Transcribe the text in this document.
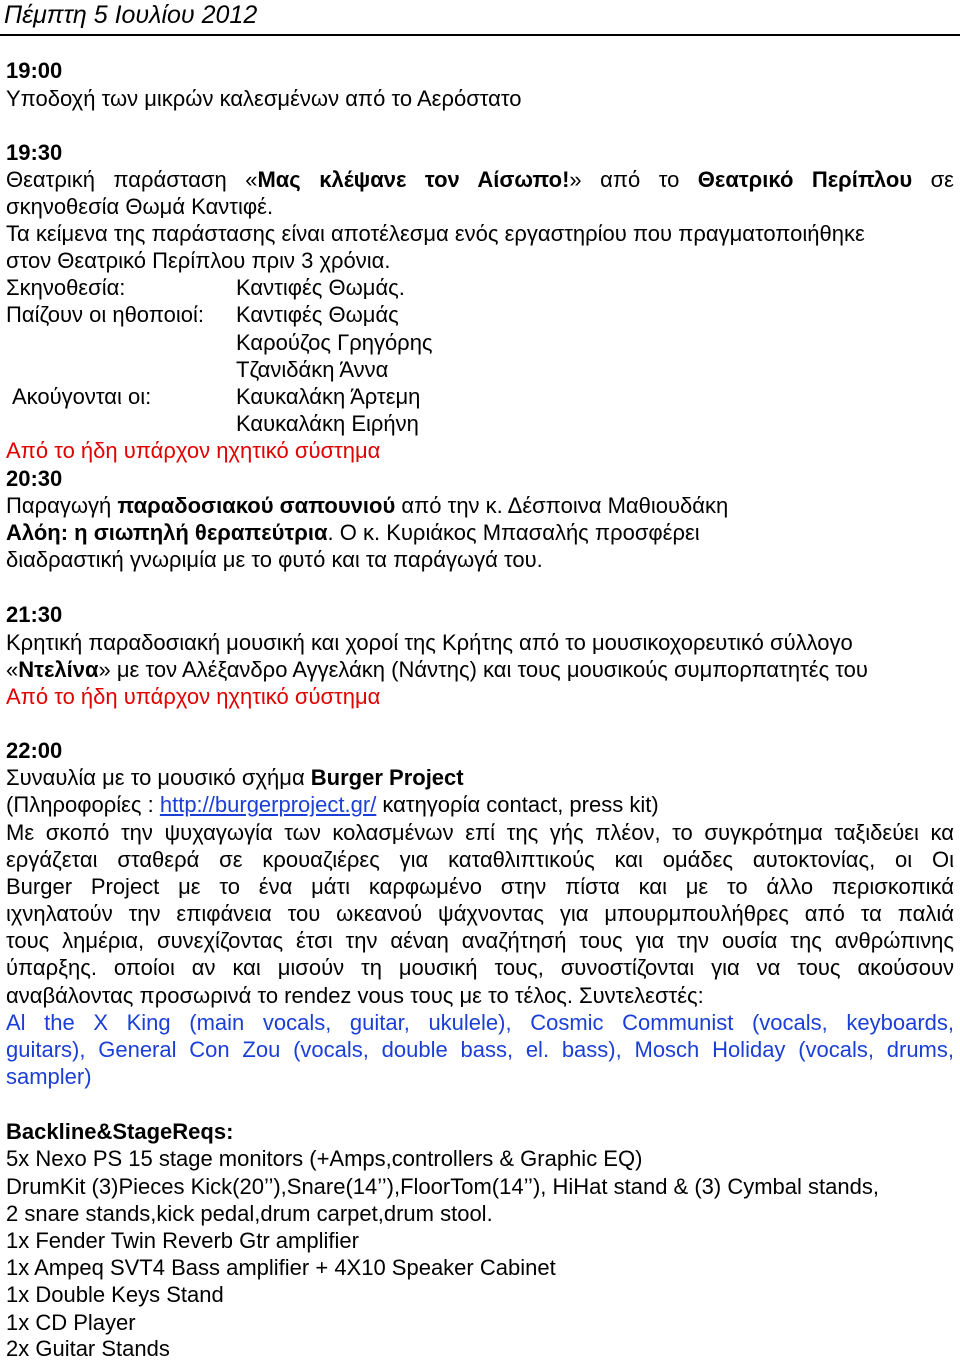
Πέμπτη 5 Ιουλίου 2012
19:00
Υποδοχή των μικρών καλεσμένων από το Αερόστατο
19:30
Θεατρική παράσταση «Μας κλέψανε τον Αίσωπο!» από το Θεατρικό Περίπλου σε
σκηνοθεσία Θωμά Καντιφέ.
Τα κείμενα της παράστασης είναι αποτέλεσμα ενός εργαστηρίου που πραγματοποιήθηκε
στον Θεατρικό Περίπλου πριν 3 χρόνια.
Σκηνοθεσία:	Καντιφές Θωμάς.
Παίζουν οι ηθοποιοί: Καντιφές Θωμάς
Καρούζος Γρηγόρης
Τζανιδάκη Άννα
Ακούγονται οι:	Καυκαλάκη Άρτεμη
Καυκαλάκη Ειρήνη
Από το ήδη υπάρχον ηχητικό σύστημα
20:30
Παραγωγή παραδοσιακού σαπουνιού από την κ. Δέσποινα Μαθιουδάκη
Αλόη: η σιωπηλή θεραπεύτρια. Ο κ. Κυριάκος Μπασαλής προσφέρει
διαδραστική γνωριμία με το φυτό και τα παράγωγά του.
21:30
Κρητική παραδοσιακή μουσική και χοροί της Κρήτης από το μουσικοχορευτικό σύλλογο
«Ντελίνα» με τον Αλέξανδρο Αγγελάκη (Νάντης) και τους μουσικούς συμπορπατητές του
Από το ήδη υπάρχον ηχητικό σύστημα
22:00
Συναυλία με το μουσικό σχήμα Burger Project
(Πληροφορίες : http://burgerproject.gr/ κατηγορία contact, press kit)
Με σκοπό την ψυχαγωγία των κολασμένων επί της γής πλέον, το συγκρότημα ταξιδεύει κα
εργάζεται σταθερά σε κρουαζιέρες για καταθλιπτικούς και ομάδες αυτοκτονίας, οι Οι
Burger Project με το ένα μάτι καρφωμένο στην πίστα και με το άλλο περισκοπικά
ιχνηλατούν την επιφάνεια του ωκεανού ψάχνοντας για μπουρμπουλήθρες από τα παλιά
τους λημέρια, συνεχίζοντας έτσι την αέναη αναζήτησή τους για την ουσία της ανθρώπινης
ύπαρξης. οποίοι αν και μισούν τη μουσική τους, συνοστίζονται για να τους ακούσουν
αναβάλοντας προσωρινά το rendez vous τους με το τέλος. Συντελεστές:
Al the X King (main vocals, guitar, ukulele), Cosmic Communist (vocals, keyboards,
guitars), General Con Zou (vocals, double bass, el. bass), Mosch Holiday (vocals, drums,
sampler)
Backline&StageReqs:
5x Nexo PS 15 stage monitors (+Amps,controllers & Graphic EQ)
DrumKit (3)Pieces Kick(20’’),Snare(14’’),FloorTom(14’’), HiHat stand & (3) Cymbal stands,
2 snare stands,kick pedal,drum carpet,drum stool.
1x Fender Twin Reverb Gtr amplifier
1x Ampeq SVT4 Bass amplifier + 4X10 Speaker Cabinet
1x Double Keys Stand
1x CD Player
2x Guitar Stands
